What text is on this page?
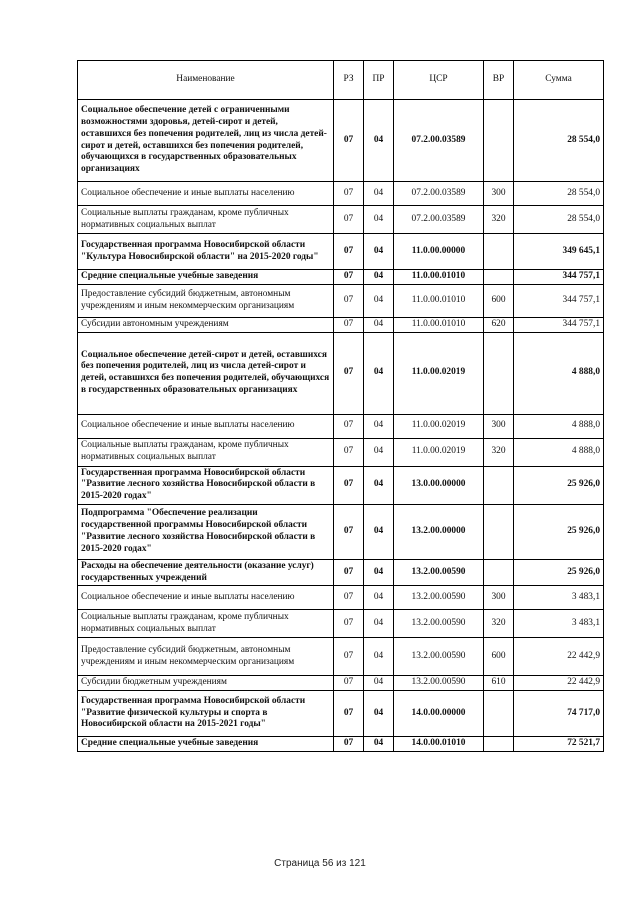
Наименование	РЗ	ПР	ЦСР	ВР	Сумма
Социальное обеспечение детей с ограниченными возможностями здоровья, детей-сирот и детей, оставшихся без попечения родителей, лиц из числа детей-сирот и детей, оставшихся без попечения родителей, обучающихся в государственных образовательных организациях	07	04	07.2.00.03589		28 554,0
Социальное обеспечение и иные выплаты населению	07	04	07.2.00.03589	300	28 554,0
Социальные выплаты гражданам, кроме публичных нормативных социальных выплат	07	04	07.2.00.03589	320	28 554,0
Государственная программа Новосибирской области "Культура Новосибирской области" на 2015-2020 годы"	07	04	11.0.00.00000		349 645,1
Средние специальные учебные заведения	07	04	11.0.00.01010		344 757,1
Предоставление субсидий бюджетным, автономным учреждениям и иным некоммерческим организациям	07	04	11.0.00.01010	600	344 757,1
Субсидии автономным учреждениям	07	04	11.0.00.01010	620	344 757,1
Социальное обеспечение детей-сирот и детей, оставшихся без попечения родителей, лиц из числа детей-сирот и детей, оставшихся без попечения родителей, обучающихся в государственных образовательных организациях	07	04	11.0.00.02019		4 888,0
Социальное обеспечение и иные выплаты населению	07	04	11.0.00.02019	300	4 888,0
Социальные выплаты гражданам, кроме публичных нормативных социальных выплат	07	04	11.0.00.02019	320	4 888,0
Государственная программа Новосибирской области "Развитие лесного хозяйства Новосибирской области в 2015-2020 годах"	07	04	13.0.00.00000		25 926,0
Подпрограмма "Обеспечение реализации государственной программы Новосибирской области "Развитие лесного хозяйства Новосибирской области в 2015-2020 годах"	07	04	13.2.00.00000		25 926,0
Расходы на обеспечение деятельности (оказание услуг) государственных учреждений	07	04	13.2.00.00590		25 926,0
Социальное обеспечение и иные выплаты населению	07	04	13.2.00.00590	300	3 483,1
Социальные выплаты гражданам, кроме публичных нормативных социальных выплат	07	04	13.2.00.00590	320	3 483,1
Предоставление субсидий бюджетным, автономным учреждениям и иным некоммерческим организациям	07	04	13.2.00.00590	600	22 442,9
Субсидии бюджетным учреждениям	07	04	13.2.00.00590	610	22 442,9
Государственная программа Новосибирской области "Развитие физической культуры и спорта в Новосибирской области на 2015-2021 годы"	07	04	14.0.00.00000		74 717,0
Средние специальные учебные заведения	07	04	14.0.00.01010		72 521,7
Страница 56 из 121
